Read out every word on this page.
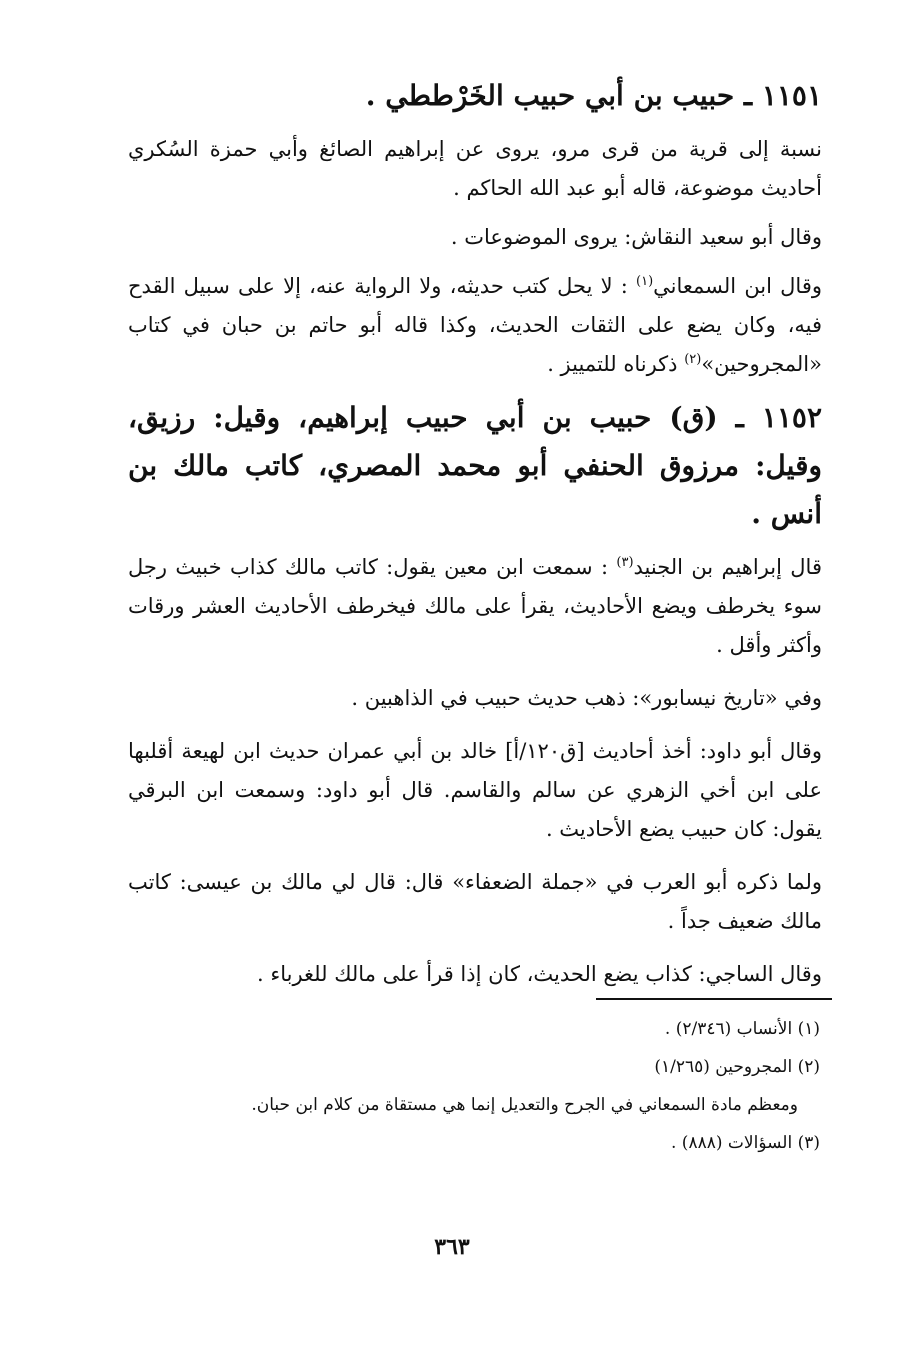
١١٥١ ـ حبيب بن أبي حبيب الخَرْططي .

نسبة إلى قرية من قرى مرو، يروى عن إبراهيم الصائغ وأبي حمزة السُكري أحاديث موضوعة، قاله أبو عبد الله الحاكم .

وقال أبو سعيد النقاش: يروى الموضوعات .

وقال ابن السمعاني$^{(١)}$ : لا يحل كتب حديثه، ولا الرواية عنه، إلا على سبيل القدح فيه، وكان يضع على الثقات الحديث، وكذا قاله أبو حاتم بن حبان في كتاب «المجروحين»$^{(٢)}$ ذكرناه للتمييز .

١١٥٢ ـ (ق) حبيب بن أبي حبيب إبراهيم، وقيل: رزيق، وقيل: مرزوق الحنفي أبو محمد المصري، كاتب مالك بن أنس .

قال إبراهيم بن الجنيد$^{(٣)}$ : سمعت ابن معين يقول: كاتب مالك كذاب خبيث رجل سوء يخرطف ويضع الأحاديث، يقرأ على مالك فيخرطف الأحاديث العشر ورقات وأكثر وأقل .

وفي «تاريخ نيسابور»: ذهب حديث حبيب في الذاهبين .

وقال أبو داود: أخذ أحاديث [ق١٢٠/أ] خالد بن أبي عمران حديث ابن لهيعة أقلبها على ابن أخي الزهري عن سالم والقاسم. قال أبو داود: وسمعت ابن البرقي يقول: كان حبيب يضع الأحاديث .

ولما ذكره أبو العرب في «جملة الضعفاء» قال: قال لي مالك بن عيسى: كاتب مالك ضعيف جداً .

وقال الساجي: كذاب يضع الحديث، كان إذا قرأ على مالك للغرباء .

(١) الأنساب (٢/٣٤٦) .

(٢) المجروحين (١/٢٦٥)

ومعظم مادة السمعاني في الجرح والتعديل إنما هي مستقاة من كلام ابن حبان.

(٣) السؤالات (٨٨٨) .

٣٦٣
